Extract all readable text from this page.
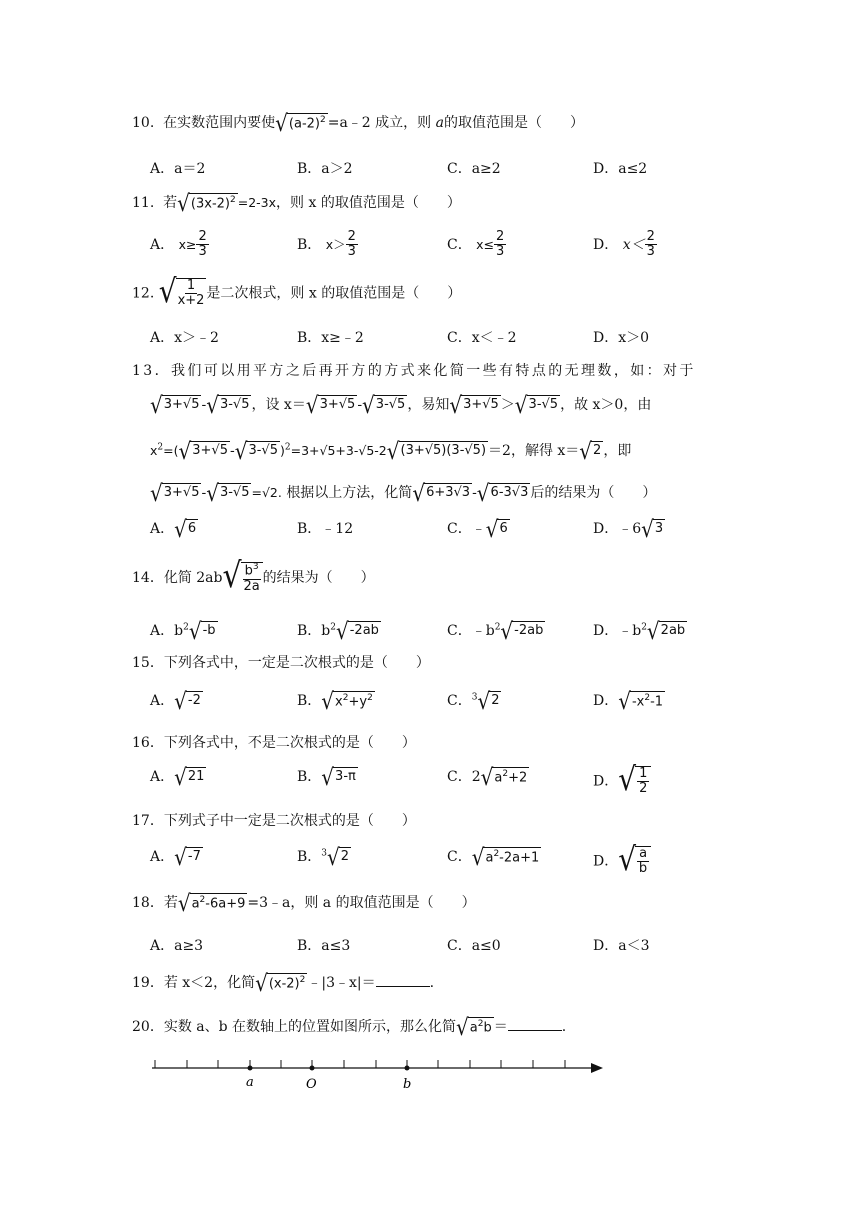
10. 在实数范围内要使 √ $(a-2)^2$ =a﹣2 成立，则 a的取值范围是（　　）
A．a＝2	B．a＞2	C．a≥2	D．a≤2
11. 若 √ $(3x-2)^2 =2-3x$，则 x 的取值范围是（　　）
A． $x\ge \frac{2}{3}$	B． $x> \frac{2}{3}$	C． $x\le \frac{2}{3}$	D． $x< \frac{2}{3}$
12. √ $\frac{1}{x+2}$ 是二次根式，则 x 的取值范围是（　　）
A．x＞﹣2	B．x≥﹣2	C．x＜﹣2	D．x＞0
13．我们可以用平方之后再开方的方式来化简一些有特点的无理数，如：对于
√ 3+√5 - √ 3-√5 ，设 x＝ √ 3+√5 - √ 3-√5 ，易知 √ 3+√5 ＞ √ 3-√5 ，故 x＞0，由
$x^2=$( √ 3+√5 - √ 3-√5 )$^2$=3+√5+3-√5-2 √ (3+√5)(3-√5) ＝2，解得 x＝ √ 2 ，即
√ 3+√5 - √ 3-√5 =√2. 根据以上方法，化简 √ 6+3√3 - √ 6-3√3 后的结果为（　　）
A． √ 6	B．﹣12	C．﹣ √ 6	D．﹣6 √ 3
14．化简 2ab √ $\frac{b^3}{2a}$ 的结果为（　　）
A．$b^2$ √ -b	B．$b^2$ √ -2ab	C．$﹣b^2$ √ -2ab	D．$﹣b^2$ √ 2ab
15．下列各式中，一定是二次根式的是（　　）
A． √ -2	B． √ $x^2+y^2$	C．$^3$ √ 2	D． √ $-x^2-1$
16．下列各式中，不是二次根式的是（　　）
A． √ 21	B． √ 3-π	C．2 √ $a^2+2$	D． √ $\frac{1}{2}$
17．下列式子中一定是二次根式的是（　　）
A． √ -7	B．$^3$ √ 2	C． √ $a^2-2a+1$	D． √ $\frac{a}{b}$
18．若 √ $a^2-6a+9$ =3﹣a，则 a 的取值范围是（　　）
A．a≥3	B．a≤3	C．a≤0	D．a＜3
19．若 x＜2，化简 √ $(x-2)^2$ ﹣|3﹣x|＝	.
20．实数 a、b 在数轴上的位置如图所示，那么化简 √ $a^2b$ ＝	.
a	O	b
